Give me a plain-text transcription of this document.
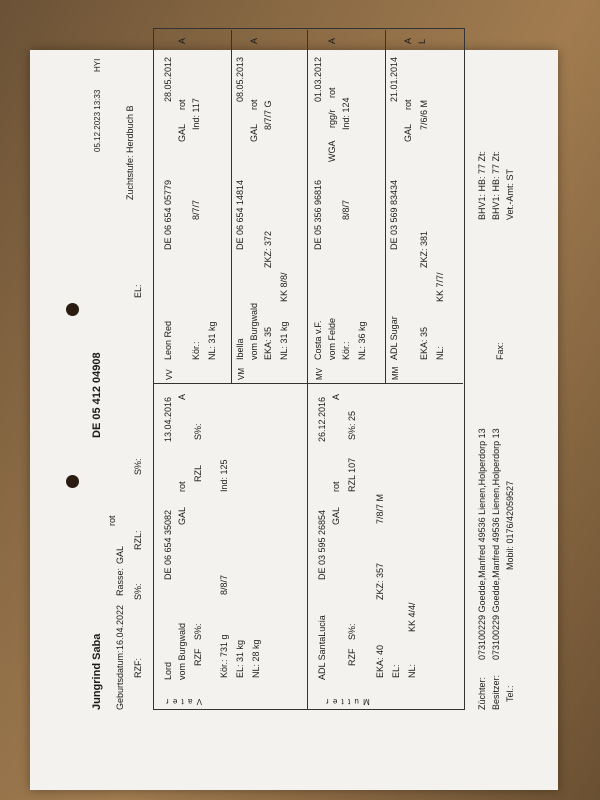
Jungrind Saba
DE 05 412 04908
05.12.2023 13:33
HYI
Geburtsdatum:
16.04.2022
Rasse:
GAL
rot
RZF:
S%:
RZL:
S%:
EL:
Zuchtstufe: Herdbuch B
V a t e r
Lord vom Burgwald
DE 06 654 35082
13.04.2016
GAL
rot
A
RZF
S%:
RZL
S%:
Kör.: 731 g
8/8/7
Ind: 125
EL: 31 kg NL: 28 kg
VV
Leon Red
DE 06 654 05779
28.05.2012
GAL
rot
A
Kör.:
8/7/7
Ind: 117
NL: 31 kg
VM
Ibella vom Burgwald
DE 06 654 14814
08.05.2013
GAL
rot
A
EKA: 35
ZKZ: 372
8/7/7 G
NL: 31 kg
KK 8/8/
M u t t e r
ADL SantaLucia
DE 03 595 26854
26.12.2016
GAL
rot
A
RZF
S%:
RZL 107
S%: 25
EKA: 40
ZKZ: 357
7/8/7 M
EL: NL:
KK 4/4/
MV
Costa v.F. vom Felde
DE 05 356 96816
01.03.2012
WGA
rgg/r
rot
A
Kör.:
8/8/7
Ind: 124
NL: 36 kg
MM
ADL Sugar
DE 03 569 83434
21.01.2014
GAL
rot
A L
EKA: 35
ZKZ: 381
7/6/6 M
NL:
KK 7/7/
Züchter:
073100229 Goedde,Manfred 49536 Lienen,Holperdorp 13
Besitzer:
073100229 Goedde,Manfred 49536 Lienen,Holperdorp 13
Tel.:
Mobil: 0176/42059527
Fax:
BHV1: HB: 77 Zt: BHV1: HB: 77 Zt: Vet.-Amt: ST
